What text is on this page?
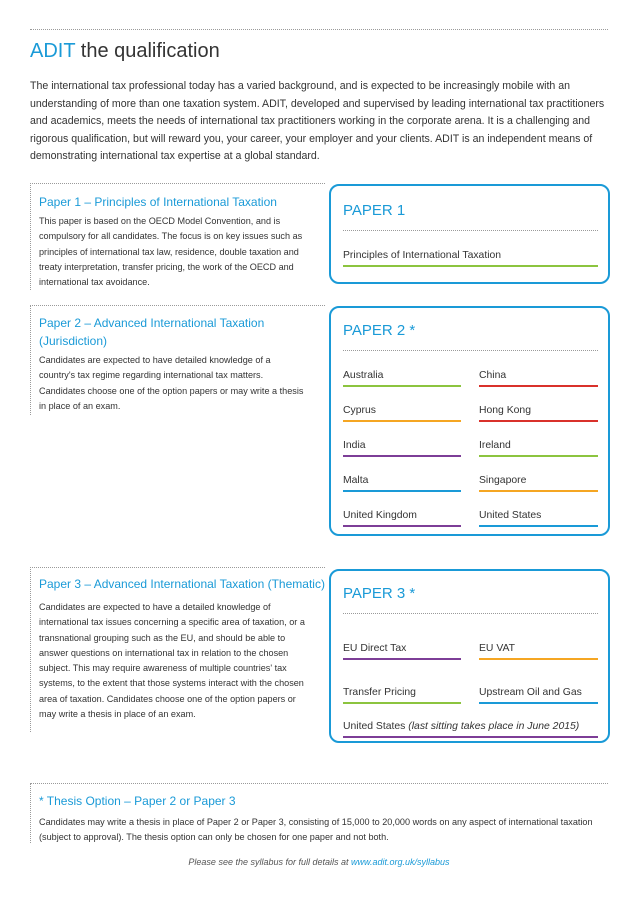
ADIT the qualification
The international tax professional today has a varied background, and is expected to be increasingly mobile with an understanding of more than one taxation system. ADIT, developed and supervised by leading international tax practitioners and academics, meets the needs of international tax practitioners working in the corporate arena. It is a challenging and rigorous qualification, but will reward you, your career, your employer and your clients. ADIT is an independent means of demonstrating international tax expertise at a global standard.
Paper 1 – Principles of International Taxation
This paper is based on the OECD Model Convention, and is compulsory for all candidates. The focus is on key issues such as principles of international tax law, residence, double taxation and treaty interpretation, transfer pricing, the work of the OECD and international tax avoidance.
PAPER 1
Principles of International Taxation
Paper 2 – Advanced International Taxation (Jurisdiction)
Candidates are expected to have detailed knowledge of a country's tax regime regarding international tax matters. Candidates choose one of the option papers or may write a thesis in place of an exam.
PAPER 2 *
Australia	China
Cyprus	Hong Kong
India	Ireland
Malta	Singapore
United Kingdom	United States
Paper 3 – Advanced International Taxation (Thematic)
Candidates are expected to have a detailed knowledge of international tax issues concerning a specific area of taxation, or a transnational grouping such as the EU, and should be able to answer questions on international tax in relation to the chosen subject. This may require awareness of multiple countries' tax systems, to the extent that those systems interact with the chosen area of taxation. Candidates choose one of the option papers or may write a thesis in place of an exam.
PAPER 3 *
EU Direct Tax	EU VAT
Transfer Pricing	Upstream Oil and Gas
United States (last sitting takes place in June 2015)
* Thesis Option – Paper 2 or Paper 3
Candidates may write a thesis in place of Paper 2 or Paper 3, consisting of 15,000 to 20,000 words on any aspect of international taxation (subject to approval). The thesis option can only be chosen for one paper and not both.
Please see the syllabus for full details at www.adit.org.uk/syllabus
